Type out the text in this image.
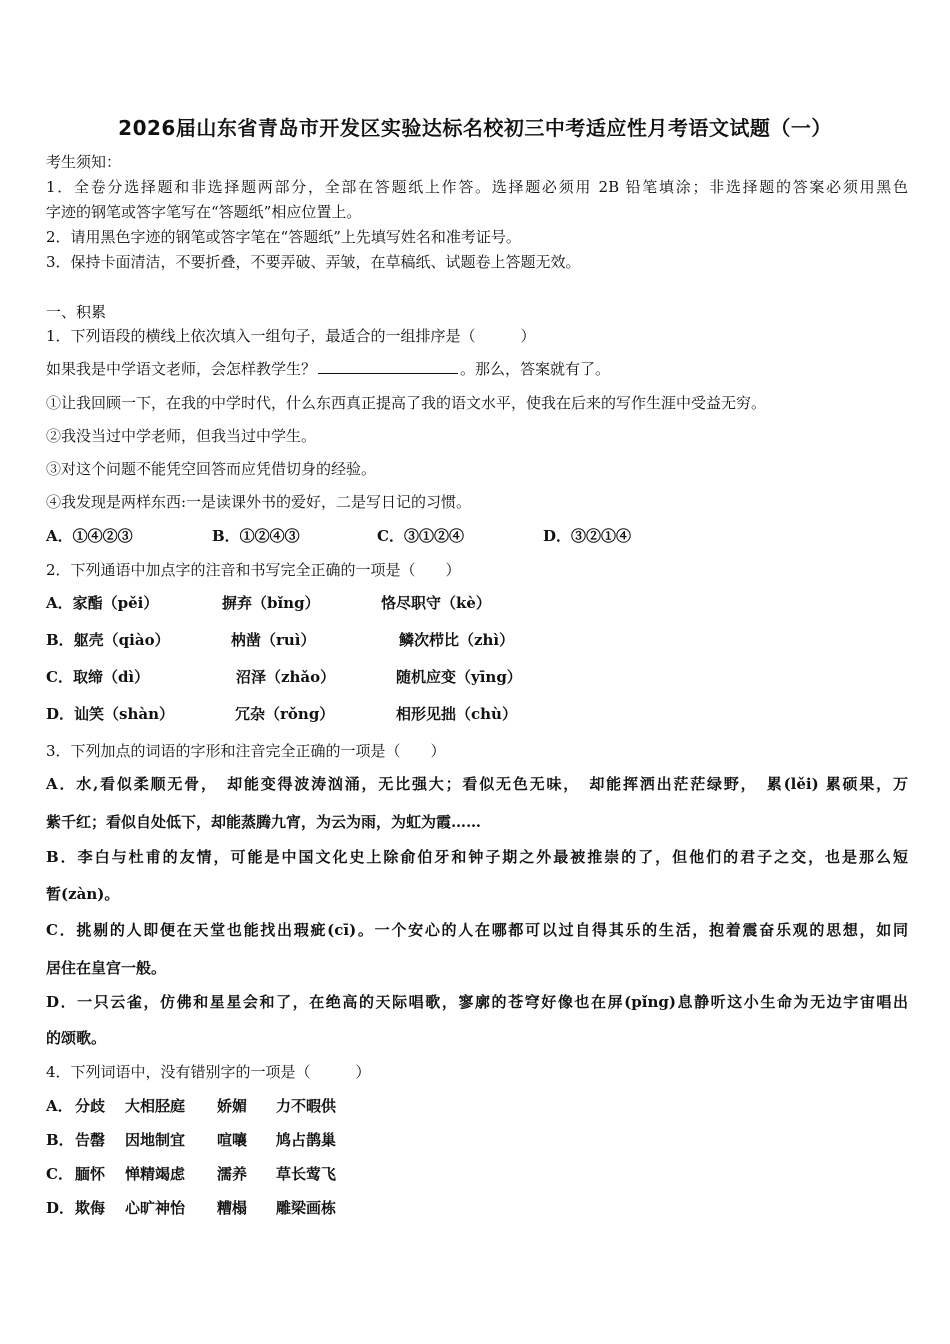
2026届山东省青岛市开发区实验达标名校初三中考适应性月考语文试题（一）
考生须知：
1．全卷分选择题和非选择题两部分，全部在答题纸上作答。选择题必须用 2B 铅笔填涂；非选择题的答案必须用黑色
字迹的钢笔或答字笔写在“答题纸”相应位置上。
2．请用黑色字迹的钢笔或答字笔在“答题纸”上先填写姓名和准考证号。
3．保持卡面清洁，不要折叠，不要弄破、弄皱，在草稿纸、试题卷上答题无效。
一、积累
1．下列语段的横线上依次填入一组句子，最适合的一组排序是（　　　）
如果我是中学语文老师，会怎样教学生？	。那么，答案就有了。
①让我回顾一下，在我的中学时代，什么东西真正提高了我的语文水平，使我在后来的写作生涯中受益无穷。
②我没当过中学老师，但我当过中学生。
③对这个问题不能凭空回答而应凭借切身的经验。
④我发现是两样东西:一是读课外书的爱好，二是写日记的习惯。
A．①④②③	B．①②④③	C．③①②④	D．③②①④
2．下列通语中加点字的注音和书写完全正确的一项是（　　）
A．家酯（pěi）	摒弃（bǐng）	恪尽职守（kè）
B．躯壳（qiào）	枘凿（ruì）	鳞次栉比（zhì）
C．取缔（dì）	沼泽（zhǎo）	随机应变（yīng）
D．讪笑（shàn）	冗杂（rǒng）	相形见拙（chù）
3．下列加点的词语的字形和注音完全正确的一项是（　　）
A．水,看似柔顺无骨，　却能变得波涛汹涌，无比强大；看似无色无味，　却能挥洒出茫茫绿野，　累(lěi) 累硕果，万
紫千红；看似自处低下，却能蒸腾九宵，为云为雨，为虹为霞……
B．李白与杜甫的友情，可能是中国文化史上除俞伯牙和钟子期之外最被推崇的了，但他们的君子之交，也是那么短
暂(zàn)。
C．挑剔的人即便在天堂也能找出瑕疵(cī)。一个安心的人在哪都可以过自得其乐的生活，抱着震奋乐观的思想，如同
居住在皇宫一般。
D．一只云雀，仿佛和星星会和了，在绝高的天际唱歌，寥廓的苍穹好像也在屏(pǐng)息静听这小生命为无边宇宙唱出
的颂歌。
4．下列词语中，没有错别字的一项是（　　　）
A． 分歧 大相胫庭 娇媚 力不暇供
B． 告罄 因地制宜 喧嚷 鸠占鹊巢
C． 腼怀 惮精竭虑 濡养 草长莺飞
D． 欺侮 心旷神怡 糟榻 雕梁画栋
